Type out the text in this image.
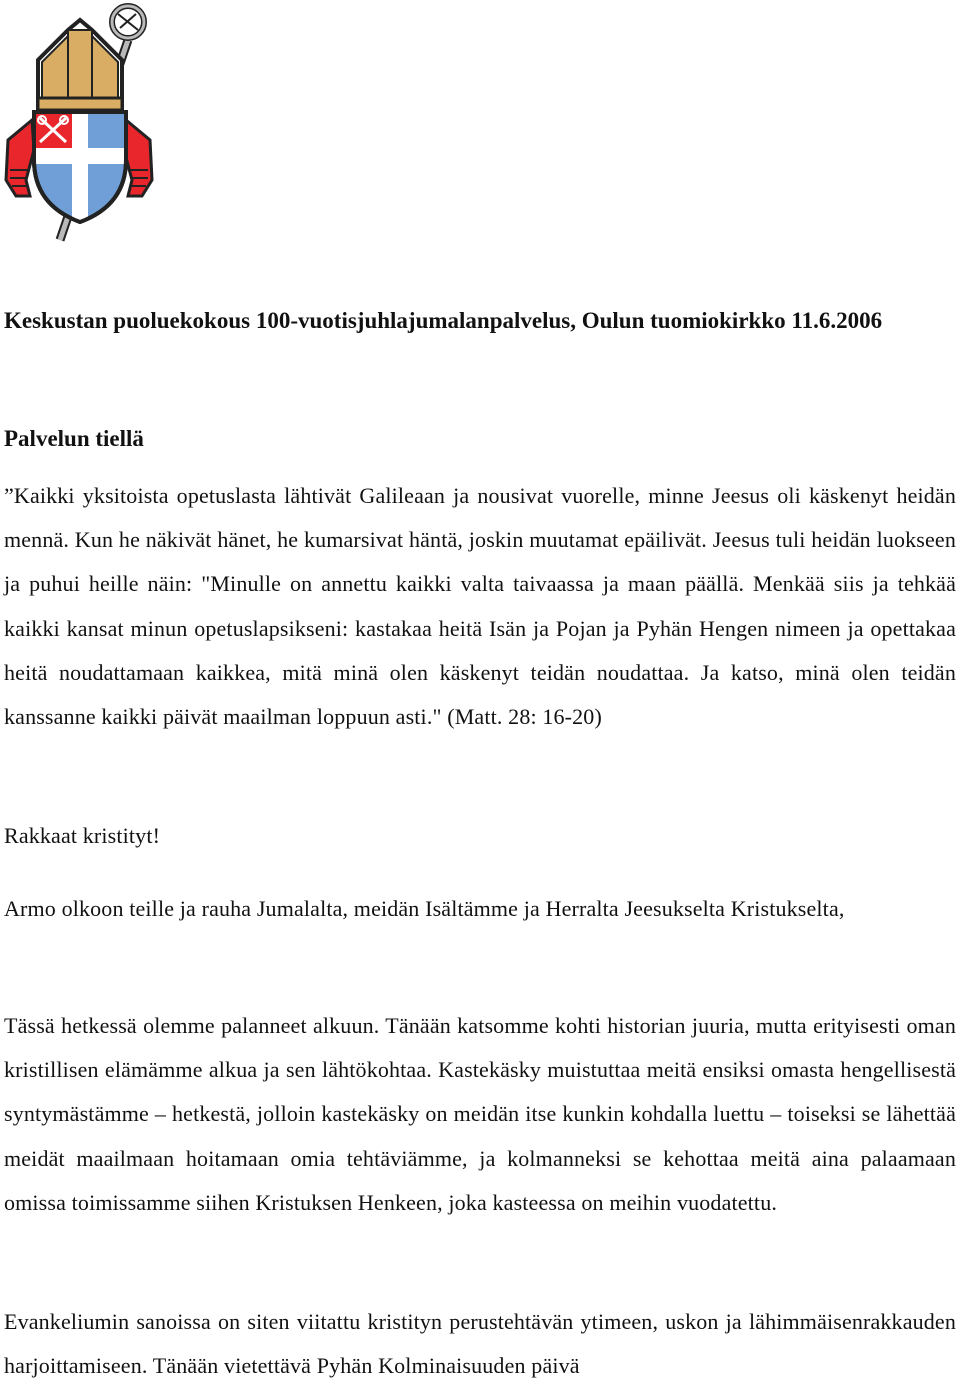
Keskustan puoluekokous 100-vuotisjuhlajumalanpalvelus, Oulun tuomiokirkko 11.6.2006

Palvelun tiellä

”Kaikki yksitoista opetuslasta lähtivät Galileaan ja nousivat vuorelle, minne Jeesus oli käskenyt heidän mennä. Kun he näkivät hänet, he kumarsivat häntä, joskin muutamat epäilivät. Jeesus tuli heidän luokseen ja puhui heille näin: "Minulle on annettu kaikki valta taivaassa ja maan päällä. Menkää siis ja tehkää kaikki kansat minun opetuslapsikseni: kastakaa heitä Isän ja Pojan ja Pyhän Hengen nimeen ja opettakaa heitä noudattamaan kaikkea, mitä minä olen käskenyt teidän noudattaa. Ja katso, minä olen teidän kanssanne kaikki päivät maailman loppuun asti." (Matt. 28: 16-20)

Rakkaat kristityt!

Armo olkoon teille ja rauha Jumalalta, meidän Isältämme ja Herralta Jeesukselta Kristukselta,

Tässä hetkessä olemme palanneet alkuun. Tänään katsomme kohti historian juuria, mutta erityisesti oman kristillisen elämämme alkua ja sen lähtökohtaa. Kastekäsky muistuttaa meitä ensiksi omasta hengellisestä syntymästämme – hetkestä, jolloin kastekäsky on meidän itse kunkin kohdalla luettu – toiseksi se lähettää meidät maailmaan hoitamaan omia tehtäviämme, ja kolmanneksi se kehottaa meitä aina palaamaan omissa toimissamme siihen Kristuksen Henkeen, joka kasteessa on meihin vuodatettu.

Evankeliumin sanoissa on siten viitattu kristityn perustehtävän ytimeen, uskon ja lähimmäisenrakkauden harjoittamiseen. Tänään vietettävä Pyhän Kolminaisuuden päivä
